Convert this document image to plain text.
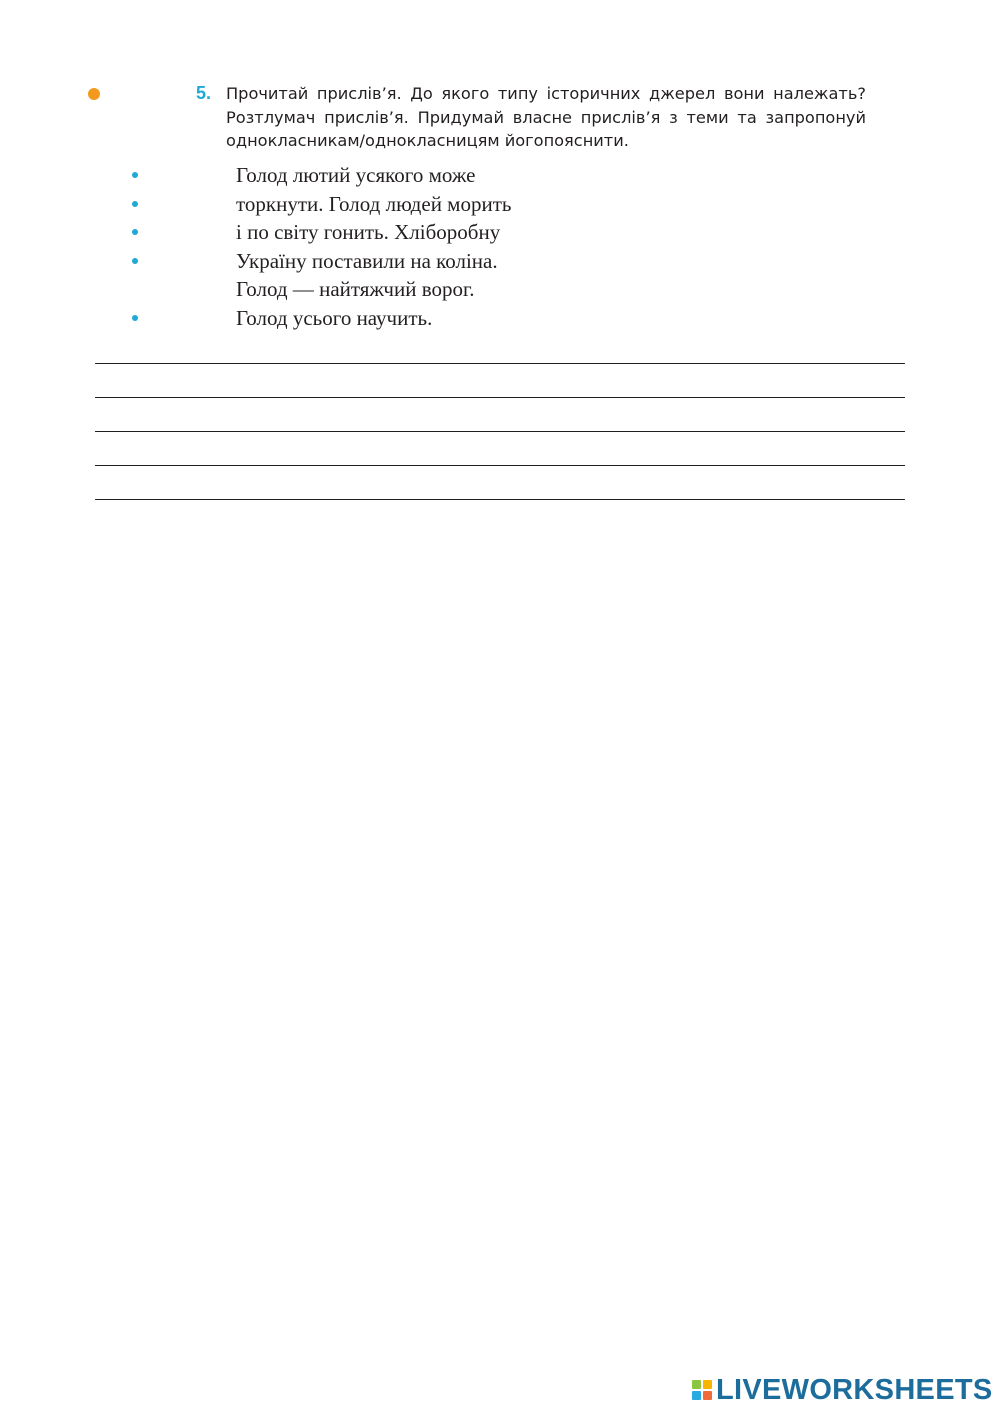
5. Прочитай прислів’я. До якого типу історичних джерел вони належать? Розтлумач прислів’я. Придумай власне прислів’я з теми та запропонуй однокласникам/однокласницям йогопояснити.
Голод лютий усякого може
торкнути. Голод людей морить
і по світу гонить. Хліборобну
Україну поставили на коліна.
Голод — найтяжчий ворог.
Голод усього научить.
LIVEWORKSHEETS
